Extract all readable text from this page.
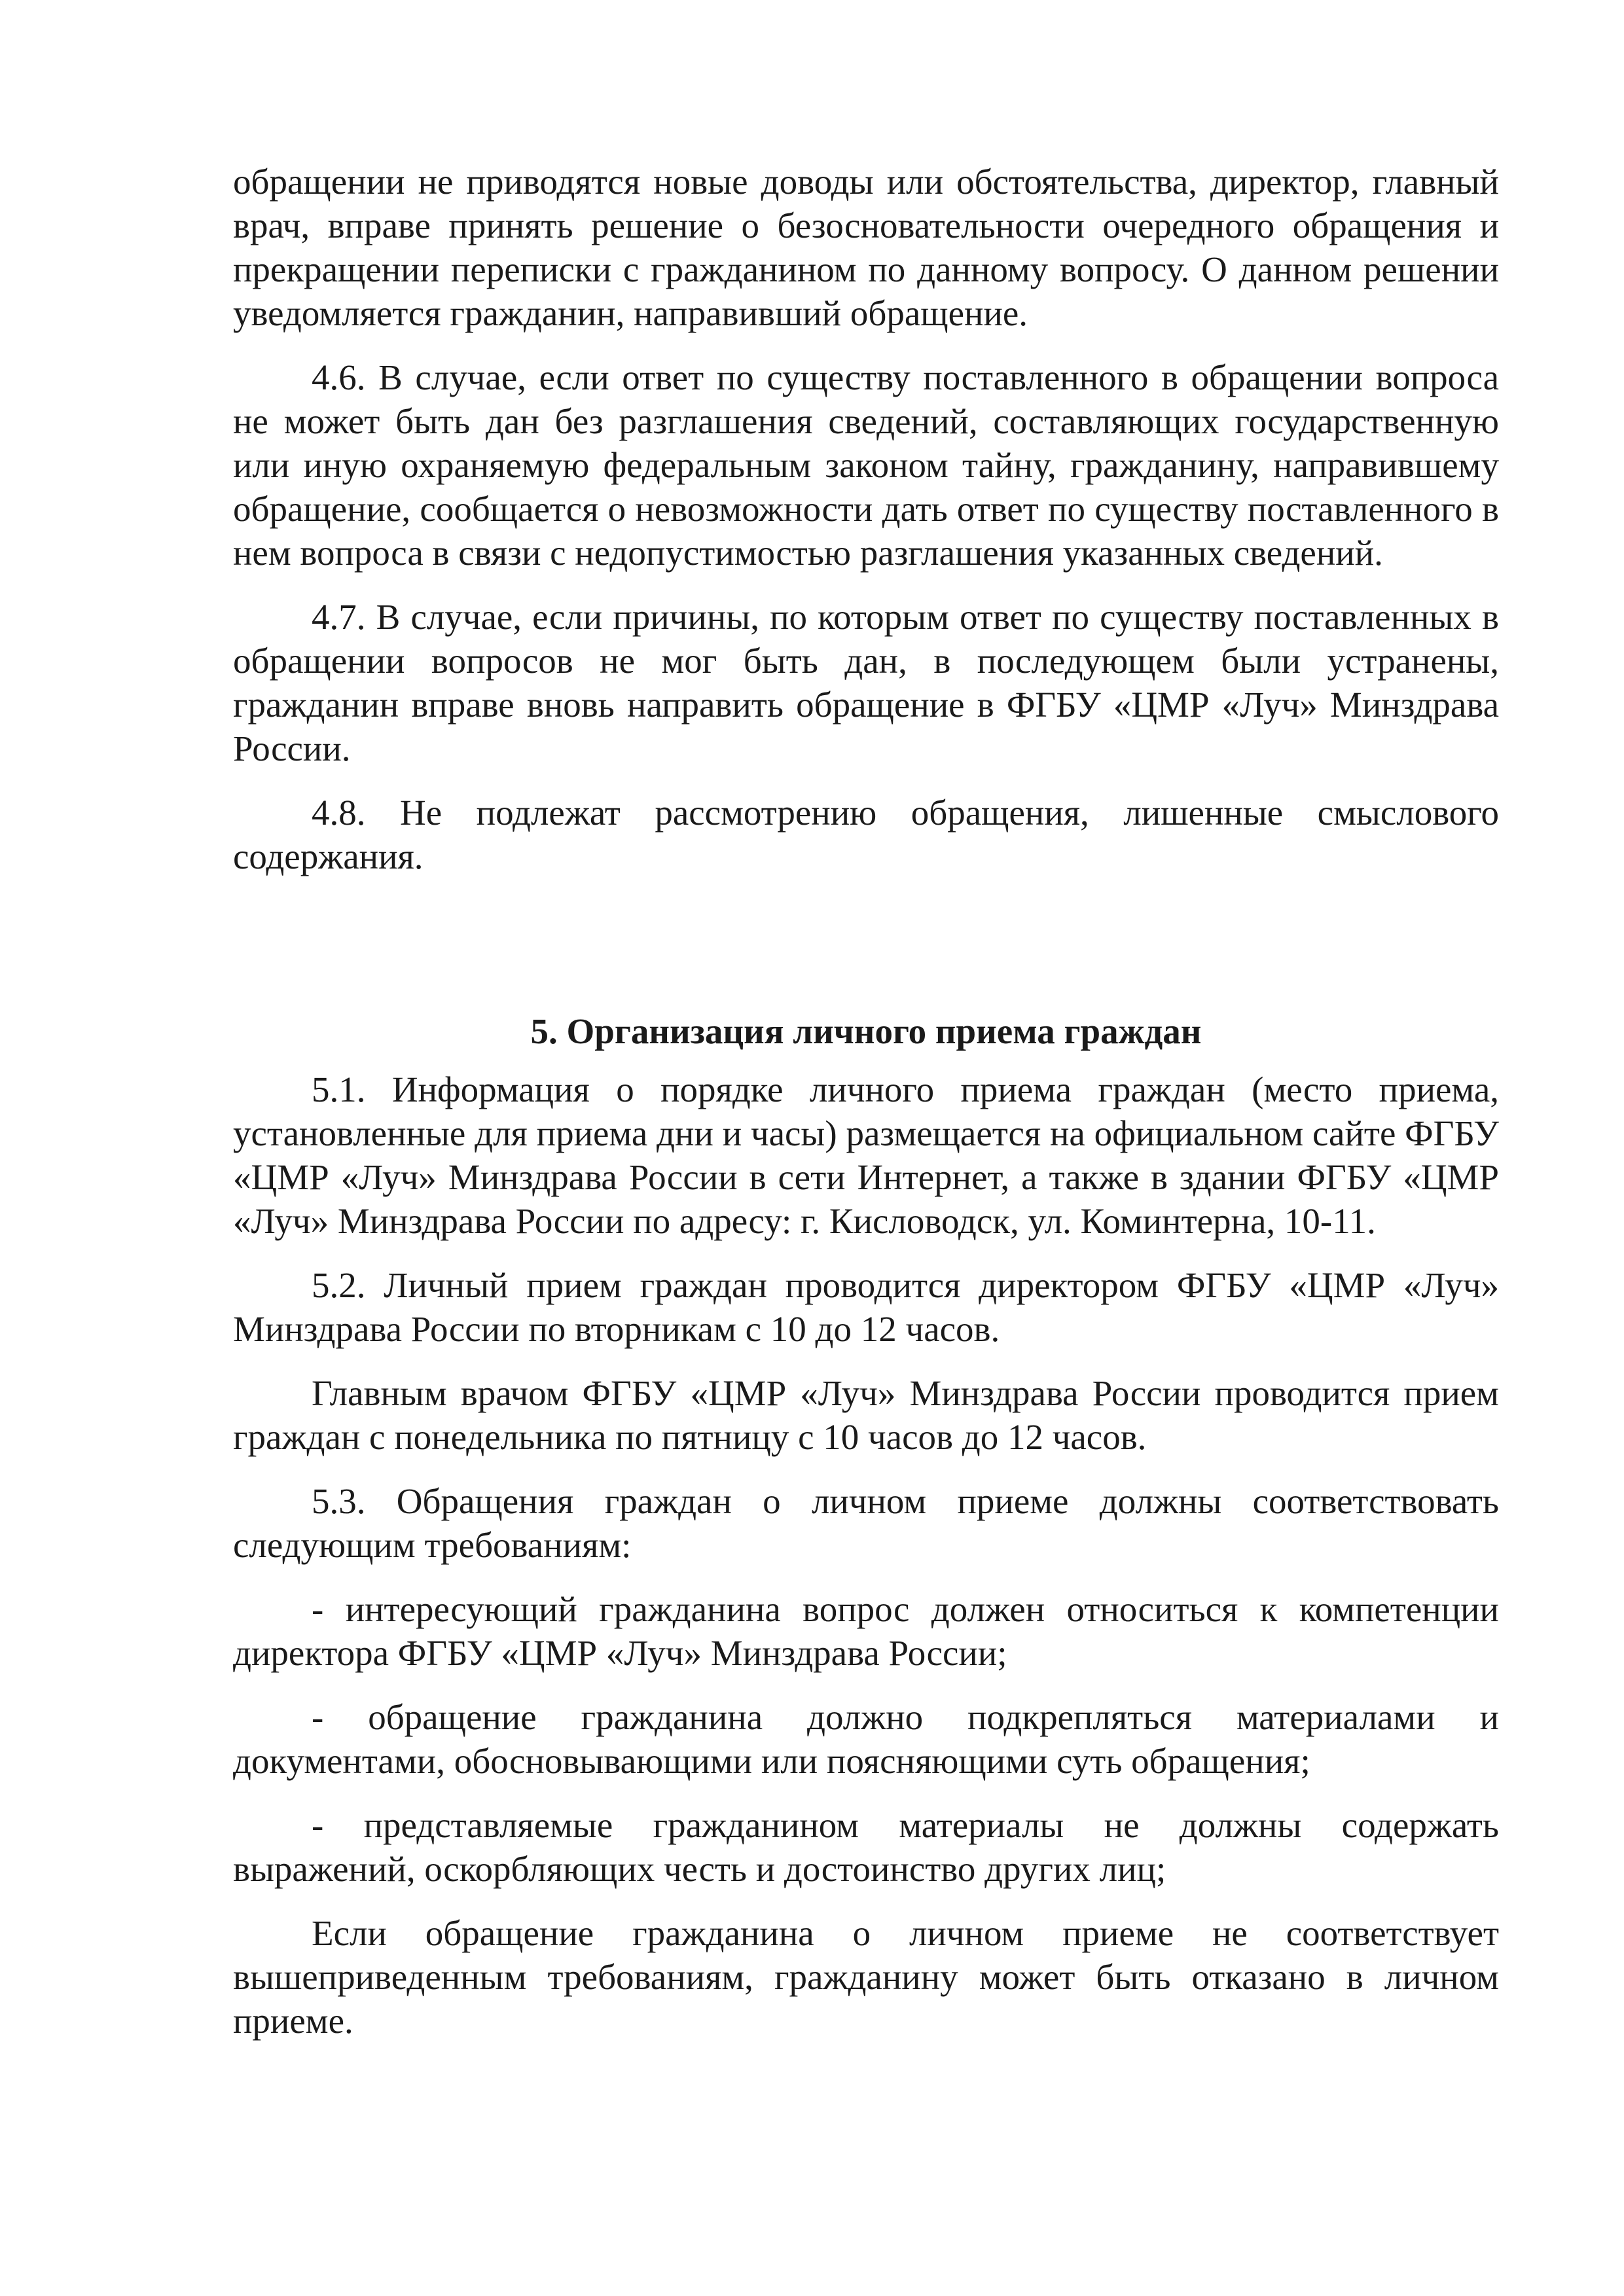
обращении не приводятся новые доводы или обстоятельства, директор, главный врач, вправе принять решение о безосновательности очередного обращения и прекращении переписки с гражданином по данному вопросу. О данном решении уведомляется гражданин, направивший обращение.

4.6. В случае, если ответ по существу поставленного в обращении вопроса не может быть дан без разглашения сведений, составляющих государственную или иную охраняемую федеральным законом тайну, гражданину, направившему обращение, сообщается о невозможности дать ответ по существу поставленного в нем вопроса в связи с недопустимостью разглашения указанных сведений.

4.7. В случае, если причины, по которым ответ по существу поставленных в обращении вопросов не мог быть дан, в последующем были устранены, гражданин вправе вновь направить обращение в ФГБУ «ЦМР «Луч» Минздрава России.

4.8. Не подлежат рассмотрению обращения, лишенные смыслового содержания.

5. Организация личного приема граждан

5.1. Информация о порядке личного приема граждан (место приема, установленные для приема дни и часы) размещается на официальном сайте ФГБУ «ЦМР «Луч» Минздрава России в сети Интернет, а также в здании ФГБУ «ЦМР «Луч» Минздрава России по адресу: г. Кисловодск, ул. Коминтерна, 10-11.

5.2. Личный прием граждан проводится директором ФГБУ «ЦМР «Луч» Минздрава России по вторникам с 10 до 12 часов.

Главным врачом ФГБУ «ЦМР «Луч» Минздрава России проводится прием граждан с понедельника по пятницу с 10 часов до 12 часов.

5.3. Обращения граждан о личном приеме должны соответствовать следующим требованиям:

- интересующий гражданина вопрос должен относиться к компетенции директора ФГБУ «ЦМР «Луч» Минздрава России;

- обращение гражданина должно подкрепляться материалами и документами, обосновывающими или поясняющими суть обращения;

- представляемые гражданином материалы не должны содержать выражений, оскорбляющих честь и достоинство других лиц;

Если обращение гражданина о личном приеме не соответствует вышеприведенным требованиям, гражданину может быть отказано в личном приеме.
